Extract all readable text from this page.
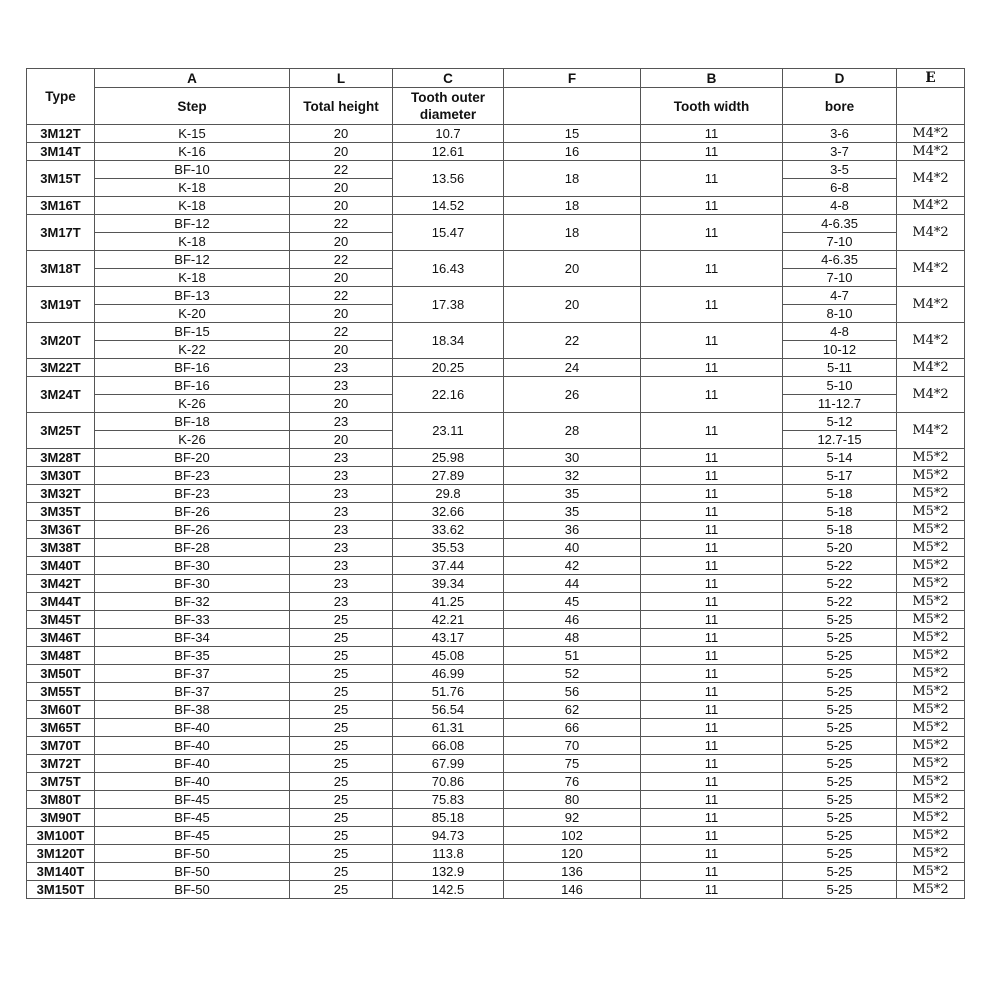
Type	A	L	C	F	B	D	E
	Step	Total height	Tooth outer diameter		Tooth width	bore	
3M12T	K-15	20	10.7	15	11	3-6	M4*2
3M14T	K-16	20	12.61	16	11	3-7	M4*2
3M15T	BF-10	22	13.56	18	11	3-5	M4*2
	K-18	20				6-8	
3M16T	K-18	20	14.52	18	11	4-8	M4*2
3M17T	BF-12	22	15.47	18	11	4-6.35	M4*2
	K-18	20				7-10	
3M18T	BF-12	22	16.43	20	11	4-6.35	M4*2
	K-18	20				7-10	
3M19T	BF-13	22	17.38	20	11	4-7	M4*2
	K-20	20				8-10	
3M20T	BF-15	22	18.34	22	11	4-8	M4*2
	K-22	20				10-12	
3M22T	BF-16	23	20.25	24	11	5-11	M4*2
3M24T	BF-16	23	22.16	26	11	5-10	M4*2
	K-26	20				11-12.7	
3M25T	BF-18	23	23.11	28	11	5-12	M4*2
	K-26	20				12.7-15	
3M28T	BF-20	23	25.98	30	11	5-14	M5*2
3M30T	BF-23	23	27.89	32	11	5-17	M5*2
3M32T	BF-23	23	29.8	35	11	5-18	M5*2
3M35T	BF-26	23	32.66	35	11	5-18	M5*2
3M36T	BF-26	23	33.62	36	11	5-18	M5*2
3M38T	BF-28	23	35.53	40	11	5-20	M5*2
3M40T	BF-30	23	37.44	42	11	5-22	M5*2
3M42T	BF-30	23	39.34	44	11	5-22	M5*2
3M44T	BF-32	23	41.25	45	11	5-22	M5*2
3M45T	BF-33	25	42.21	46	11	5-25	M5*2
3M46T	BF-34	25	43.17	48	11	5-25	M5*2
3M48T	BF-35	25	45.08	51	11	5-25	M5*2
3M50T	BF-37	25	46.99	52	11	5-25	M5*2
3M55T	BF-37	25	51.76	56	11	5-25	M5*2
3M60T	BF-38	25	56.54	62	11	5-25	M5*2
3M65T	BF-40	25	61.31	66	11	5-25	M5*2
3M70T	BF-40	25	66.08	70	11	5-25	M5*2
3M72T	BF-40	25	67.99	75	11	5-25	M5*2
3M75T	BF-40	25	70.86	76	11	5-25	M5*2
3M80T	BF-45	25	75.83	80	11	5-25	M5*2
3M90T	BF-45	25	85.18	92	11	5-25	M5*2
3M100T	BF-45	25	94.73	102	11	5-25	M5*2
3M120T	BF-50	25	113.8	120	11	5-25	M5*2
3M140T	BF-50	25	132.9	136	11	5-25	M5*2
3M150T	BF-50	25	142.5	146	11	5-25	M5*2
